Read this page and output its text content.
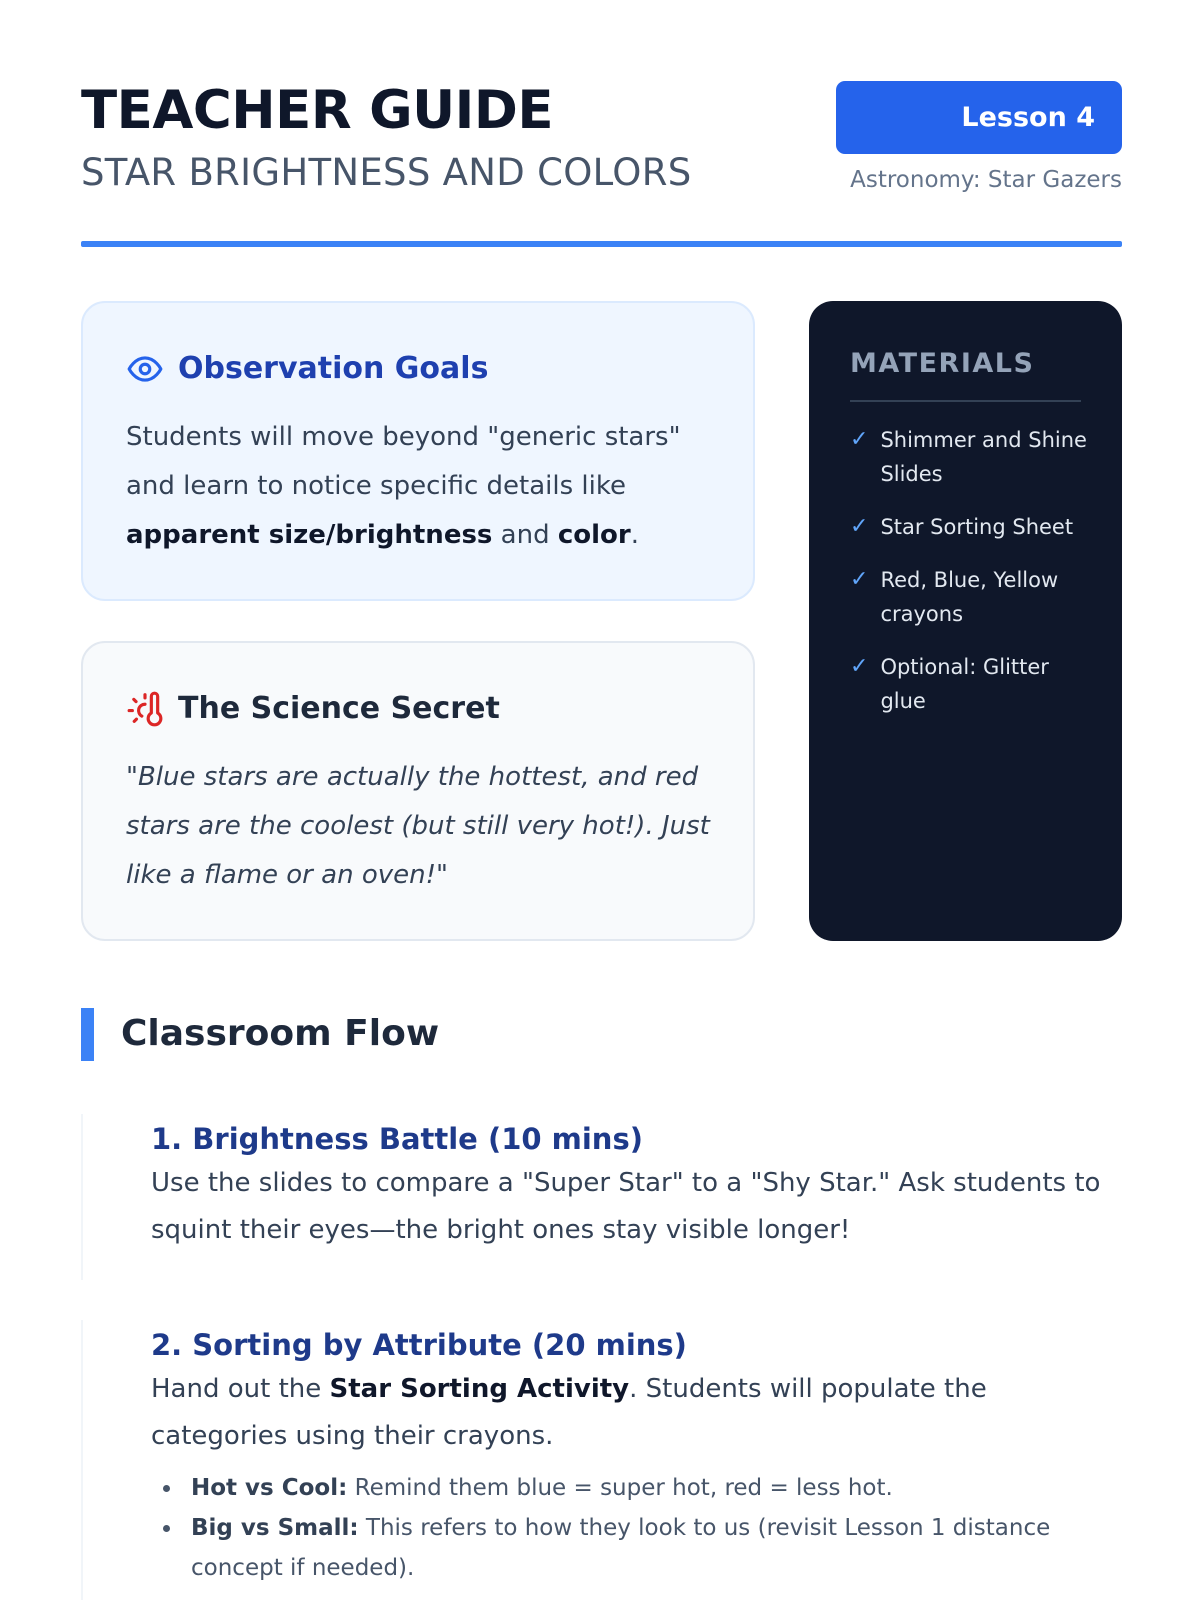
TEACHER GUIDE
STAR BRIGHTNESS AND COLORS
Lesson 4
Astronomy: Star Gazers
Observation Goals

Students will move beyond "generic stars" and learn to notice specific details like apparent size/brightness and color.

The Science Secret

"Blue stars are actually the hottest, and red stars are the coolest (but still very hot!). Just like a flame or an oven!"

MATERIALS
✓ Shimmer and Shine Slides
✓ Star Sorting Sheet
✓ Red, Blue, Yellow crayons
✓ Optional: Glitter glue
Classroom Flow
1. Brightness Battle (10 mins)

Use the slides to compare a "Super Star" to a "Shy Star." Ask students to squint their eyes—the bright ones stay visible longer!

2. Sorting by Attribute (20 mins)

Hand out the Star Sorting Activity. Students will populate the categories using their crayons.

Hot vs Cool: Remind them blue = super hot, red = less hot.
Big vs Small: This refers to how they look to us (revisit Lesson 1 distance concept if needed).
